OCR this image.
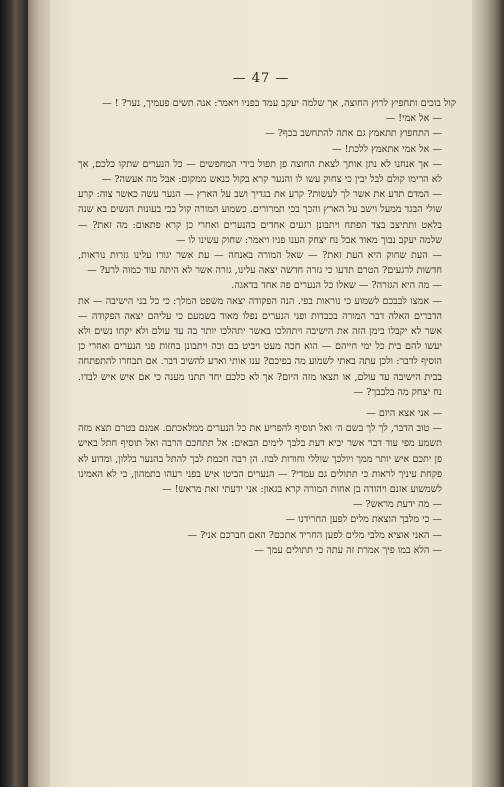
— 47 —

קול בוכים ותחפיץ לרוץ החוצה, אך שלמה יעקב עמד בפניו ויאמר: אנה תשים פעמיך, נער? ! —

— אל אמי! —

— התחפוץ תתאמץ גם אתה להתחשב בכף? —

— אל אמי אתאמץ ללכת! —

— אך אנחנו לא נתן אותך לצאת החוצה פן תפול בידי המחפשים — כל הנערים שתקו כלכם, אך לא הרימו קולם לבל יבין כי צחוק עשו לו והנער קרא בקול כנאש ממקום: אבל מה אעשה? —

— המדם תדע את אשר לך לעשות? קרע את בגדיך ושב על הארץ — הנער עשה כאשר צוה: קרע שולי הבגד ממעל וישב על הארץ והכך בכי תמרורים. כשמוע המורה קול בכי בעונות הנשים בא שנה בלאט ותתיצב בצד הפתח ויתבונן רגעים אחדים בהנערים ואחרי כן קרא פתאום: מה זאת? — שלמה יעקב נבוך מאוד אבל נח יצחק הענו פניו ויאמר: שחוק עשינו לו —

— העת שחוק היא העת זאת? — שאל המורה באנחה — עת אשר יגורו עלינו גזרות נוראות, חדשות לרגעים? הטרם תדעו כי גזרה חדשה יצאה עלינו, גזרה אשר לא היתה עוד כמוה לרע? —

— מה היא הגזרה? — שאלו כל הנערים פה אחד בדאגה.

— אמצו לבבכם לשמוע כי נוראות בפי. הנה הפקודה יצאה משפט המלך: כי כל בני הישיבה — את הדברים האלה דבר המורה בכבדות ופני הנערים נפלו מאוד בשמעם כי עליהם יצאה הפקודה — אשר לא יקבלו בימן הזה את הישיבה ויתהלכו באשר יתהלכו יותר בה עד עולם ולא יקחו נשים ולא יעשו להם בית כל ימי חייהם — הוא חכה מעט ויביט בם וכה ויתבונן בחזות פני הנערים ואחרי כן הוסיף לדבר: ולכן עתה באתי לשמוע מה בפיכם? ענו אותי וארע להשיב דבר. אם תבחרו להתפתחה בבית הישיבה עד עולם, או תצאו מזה היום? אך לא כלכם יחד תתנו מענה כי אם איש איש לבדו. נח יצחק מה בלבבך? —

— אני אצא היום —

— טוב הדבר, לך לך בשם ה׳ ואל תוסיף להפריע את כל הנערים ממלאכתם. אמנם בטרם תצא מזה תשמע מפי עוד דבר אשר יביא דעת בלבך לימים הבאים: אל תתחכם הרבה ואל תוסיף חתל באיש פן יתכם איש יותר ממך ויולכך שוללי וחורות לבוז. הן רבה חכמת לבך להתל בהנער בללון, ומדוע לא פקחת עיניך לראות כי תתולים גם עמדי? — הנערים הביטו איש בפני רעהו בתמהון, כי לא האמינו לשמשוע אזנם ויהודה בן אחות המורה קרא בגאון: אני ידעתי זאת מראש! —

— מה ידעת מראש? —

— כי מלבך הוצאת מלים לפען החרידנו —

— האני אוציא מלבי מלים לפען החריד אתכם? האם חברכם אני? —

— הלא במו פיך אמרת זה עתה כי תתולים עמך —
